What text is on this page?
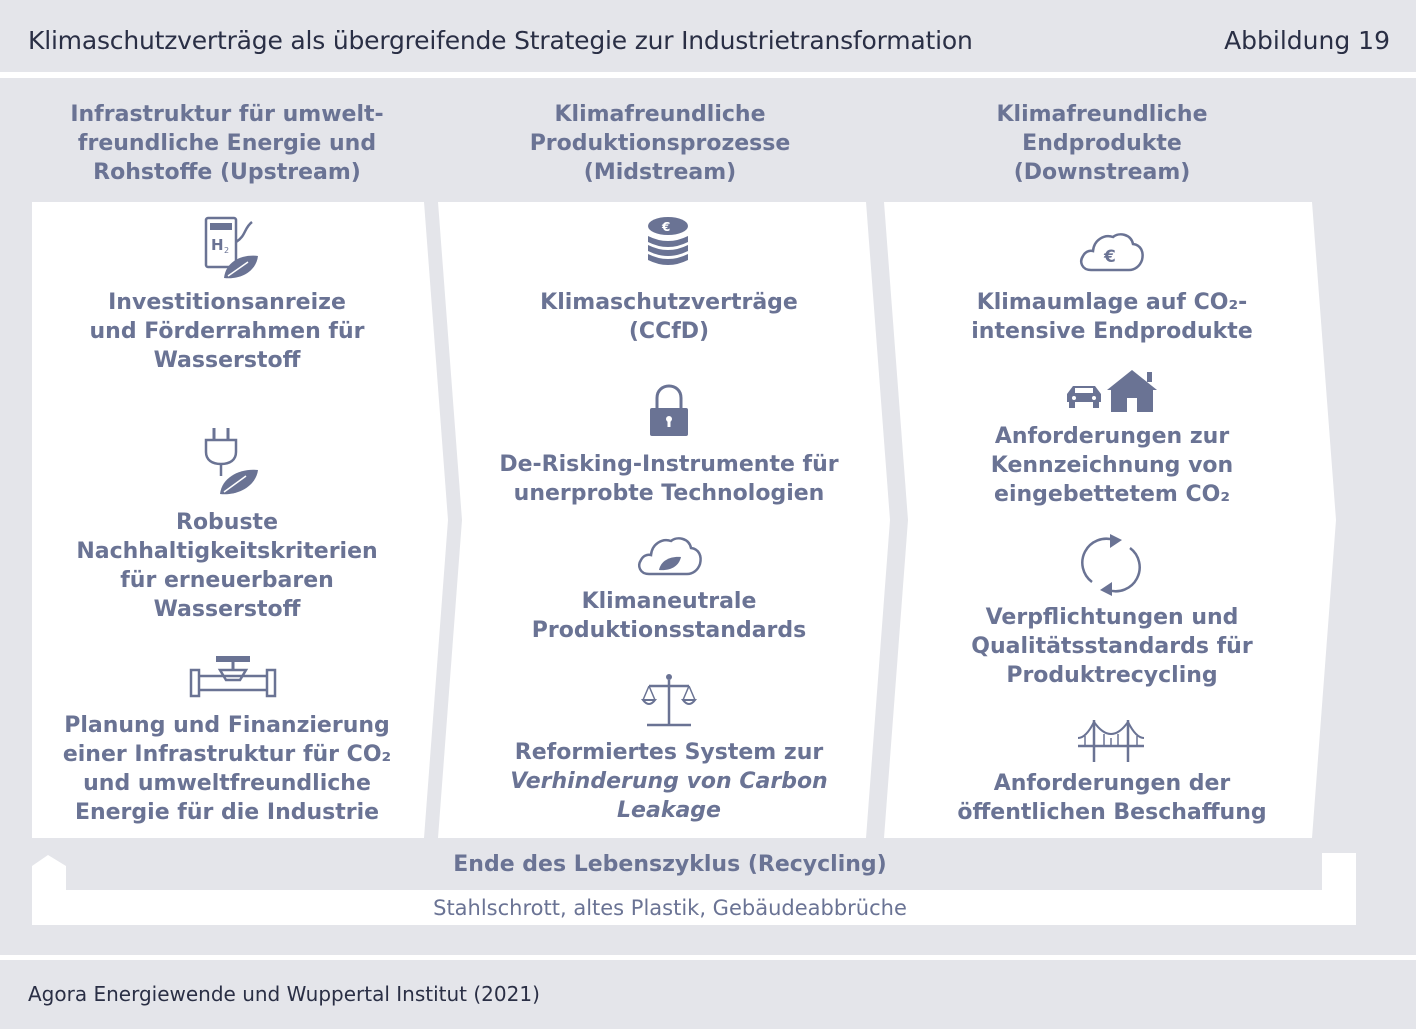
Klimaschutzverträge als übergreifende Strategie zur Industrietransformation	Abbildung 19
Infrastruktur für umwelt-
freundliche Energie und
Rohstoffe (Upstream)
Klimafreundliche
Produktionsprozesse
(Midstream)
Klimafreundliche
Endprodukte
(Downstream)
H 2
Investitionsanreize
und Förderrahmen für
Wasserstoff
Robuste
Nachhaltigkeitskriterien
für erneuerbaren
Wasserstoff
Planung und Finanzierung
einer Infrastruktur für CO₂
und umweltfreundliche
Energie für die Industrie
€
Klimaschutzverträge
(CCfD)
De-Risking-Instrumente für
unerprobte Technologien
Klimaneutrale
Produktionsstandards
Reformiertes System zur
Verhinderung von Carbon
Leakage
€
Klimaumlage auf CO₂-
intensive Endprodukte
Anforderungen zur
Kennzeichnung von
eingebettetem CO₂
Verpflichtungen und
Qualitätsstandards für
Produktrecycling
Anforderungen der
öffentlichen Beschaffung
Ende des Lebenszyklus (Recycling)
Stahlschrott, altes Plastik, Gebäudeabbrüche
Agora Energiewende und Wuppertal Institut (2021)
